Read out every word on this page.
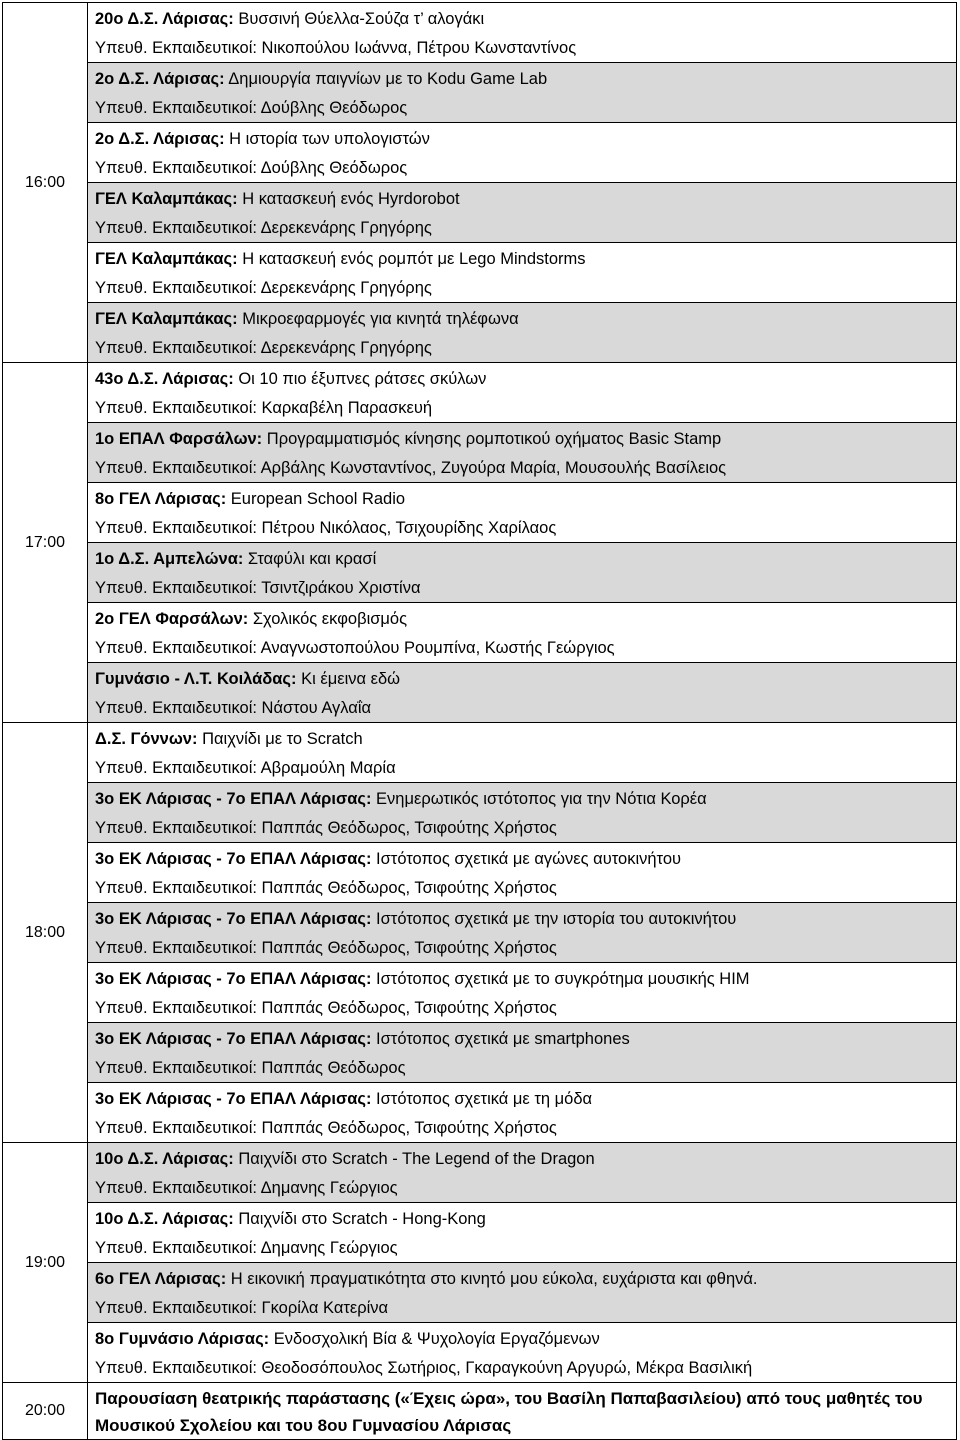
16:00	20ο Δ.Σ. Λάρισας: Βυσσινή Θύελλα-Σούζα τ’ αλογάκι
Υπευθ. Εκπαιδευτικοί: Νικοπούλου Ιωάννα, Πέτρου Κωνσταντίνος

	2ο Δ.Σ. Λάρισας: Δημιουργία παιγνίων με το Kodu Game Lab
Υπευθ. Εκπαιδευτικοί: Δούβλης Θεόδωρος

	2ο Δ.Σ. Λάρισας: Η ιστορία των υπολογιστών
Υπευθ. Εκπαιδευτικοί: Δούβλης Θεόδωρος

	ΓΕΛ Καλαμπάκας: Η κατασκευή ενός Hyrdorobot
Υπευθ. Εκπαιδευτικοί: Δερεκενάρης Γρηγόρης

	ΓΕΛ Καλαμπάκας: Η κατασκευή ενός ρομπότ με Lego Mindstorms
Υπευθ. Εκπαιδευτικοί: Δερεκενάρης Γρηγόρης

	ΓΕΛ Καλαμπάκας: Μικροεφαρμογές για κινητά τηλέφωνα
Υπευθ. Εκπαιδευτικοί: Δερεκενάρης Γρηγόρης

17:00	43ο Δ.Σ. Λάρισας: Οι 10 πιο έξυπνες ράτσες σκύλων
Υπευθ. Εκπαιδευτικοί: Καρκαβέλη Παρασκευή

	1ο ΕΠΑΛ Φαρσάλων: Προγραμματισμός κίνησης ρομποτικού οχήματος Basic Stamp
Υπευθ. Εκπαιδευτικοί: Αρβάλης Κωνσταντίνος, Ζυγούρα Μαρία, Μουσουλής Βασίλειος

	8ο ΓΕΛ Λάρισας: European School Radio
Υπευθ. Εκπαιδευτικοί: Πέτρου Νικόλαος, Τσιχουρίδης Χαρίλαος

	1ο Δ.Σ. Αμπελώνα: Σταφύλι και κρασί
Υπευθ. Εκπαιδευτικοί: Τσιντζιράκου Χριστίνα

	2ο ΓΕΛ Φαρσάλων: Σχολικός εκφοβισμός
Υπευθ. Εκπαιδευτικοί: Αναγνωστοπούλου Ρουμπίνα, Κωστής Γεώργιος

	Γυμνάσιο - Λ.Τ. Κοιλάδας: Κι έμεινα εδώ
Υπευθ. Εκπαιδευτικοί: Νάστου Αγλαΐα

18:00	Δ.Σ. Γόννων: Παιχνίδι με το Scratch
Υπευθ. Εκπαιδευτικοί: Αβραμούλη Μαρία

	3ο ΕΚ Λάρισας - 7ο ΕΠΑΛ Λάρισας: Ενημερωτικός ιστότοπος για την Νότια Κορέα
Υπευθ. Εκπαιδευτικοί: Παππάς Θεόδωρος, Τσιφούτης Χρήστος

	3ο ΕΚ Λάρισας - 7ο ΕΠΑΛ Λάρισας: Ιστότοπος σχετικά με αγώνες αυτοκινήτου
Υπευθ. Εκπαιδευτικοί: Παππάς Θεόδωρος, Τσιφούτης Χρήστος

	3ο ΕΚ Λάρισας - 7ο ΕΠΑΛ Λάρισας: Ιστότοπος σχετικά με την ιστορία του αυτοκινήτου
Υπευθ. Εκπαιδευτικοί: Παππάς Θεόδωρος, Τσιφούτης Χρήστος

	3ο ΕΚ Λάρισας - 7ο ΕΠΑΛ Λάρισας: Ιστότοπος σχετικά με το συγκρότημα μουσικής HIM
Υπευθ. Εκπαιδευτικοί: Παππάς Θεόδωρος, Τσιφούτης Χρήστος

	3ο ΕΚ Λάρισας - 7ο ΕΠΑΛ Λάρισας: Ιστότοπος σχετικά με smartphones
Υπευθ. Εκπαιδευτικοί: Παππάς Θεόδωρος

	3ο ΕΚ Λάρισας - 7ο ΕΠΑΛ Λάρισας: Ιστότοπος σχετικά με τη μόδα
Υπευθ. Εκπαιδευτικοί: Παππάς Θεόδωρος, Τσιφούτης Χρήστος

19:00	10ο Δ.Σ. Λάρισας: Παιχνίδι στο Scratch - The Legend of the Dragon
Υπευθ. Εκπαιδευτικοί: Δημανης Γεώργιος

	10ο Δ.Σ. Λάρισας: Παιχνίδι στο Scratch - Hong-Kong
Υπευθ. Εκπαιδευτικοί: Δημανης Γεώργιος

	6ο ΓΕΛ Λάρισας: Η εικονική πραγματικότητα στο κινητό μου εύκολα, ευχάριστα και φθηνά.
Υπευθ. Εκπαιδευτικοί: Γκορίλα Κατερίνα

	8ο Γυμνάσιο Λάρισας: Ενδοσχολική Βία & Ψυχολογία Εργαζόμενων
Υπευθ. Εκπαιδευτικοί: Θεοδοσόπουλος Σωτήριος, Γκαραγκούνη Αργυρώ, Μέκρα Βασιλική

20:00	Παρουσίαση θεατρικής παράστασης («Έχεις ώρα», του Βασίλη Παπαβασιλείου) από τους μαθητές του Μουσικού Σχολείου και του 8ου Γυμνασίου Λάρισας
